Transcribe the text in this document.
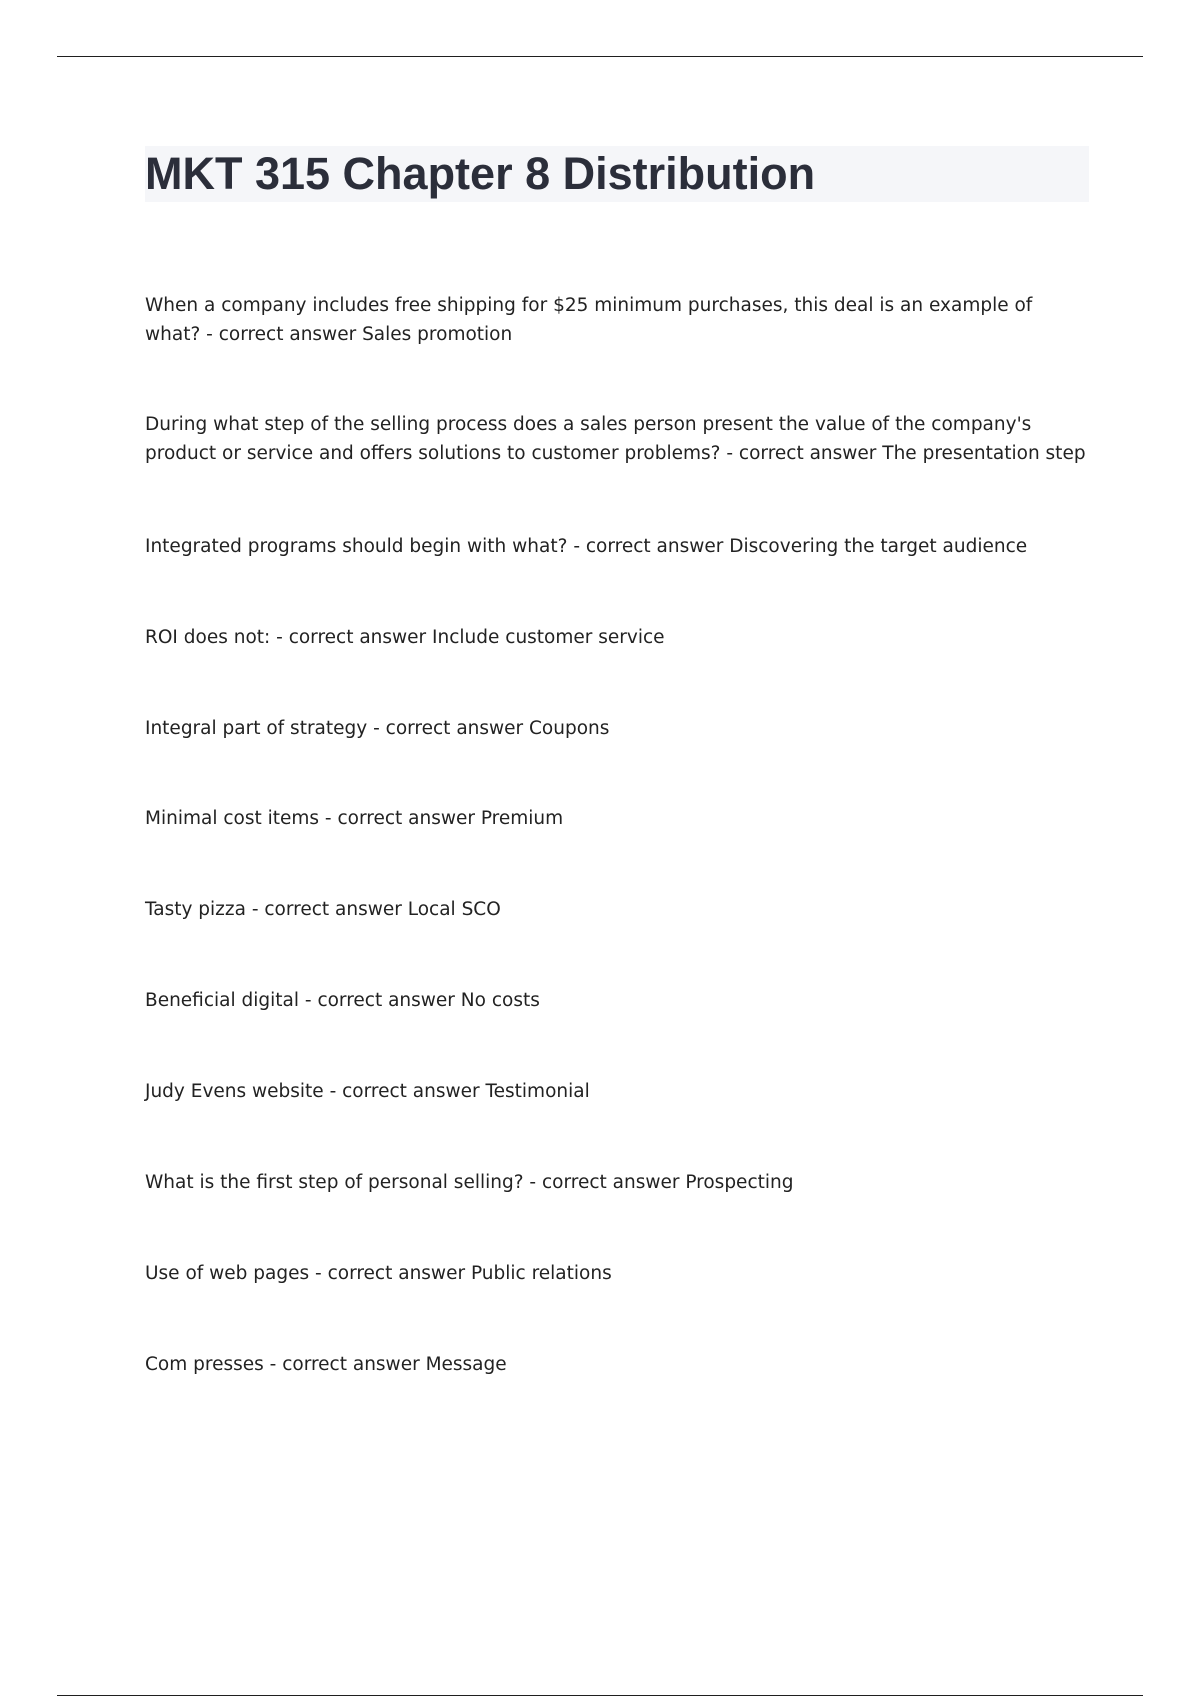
MKT 315 Chapter 8 Distribution

When a company includes free shipping for $25 minimum purchases, this deal is an example of what? - correct answer Sales promotion

During what step of the selling process does a sales person present the value of the company's product or service and offers solutions to customer problems? - correct answer The presentation step

Integrated programs should begin with what? - correct answer Discovering the target audience

ROI does not: - correct answer Include customer service

Integral part of strategy - correct answer Coupons

Minimal cost items - correct answer Premium

Tasty pizza - correct answer Local SCO

Beneficial digital - correct answer No costs

Judy Evens website - correct answer Testimonial

What is the first step of personal selling? - correct answer Prospecting

Use of web pages - correct answer Public relations

Com presses - correct answer Message
